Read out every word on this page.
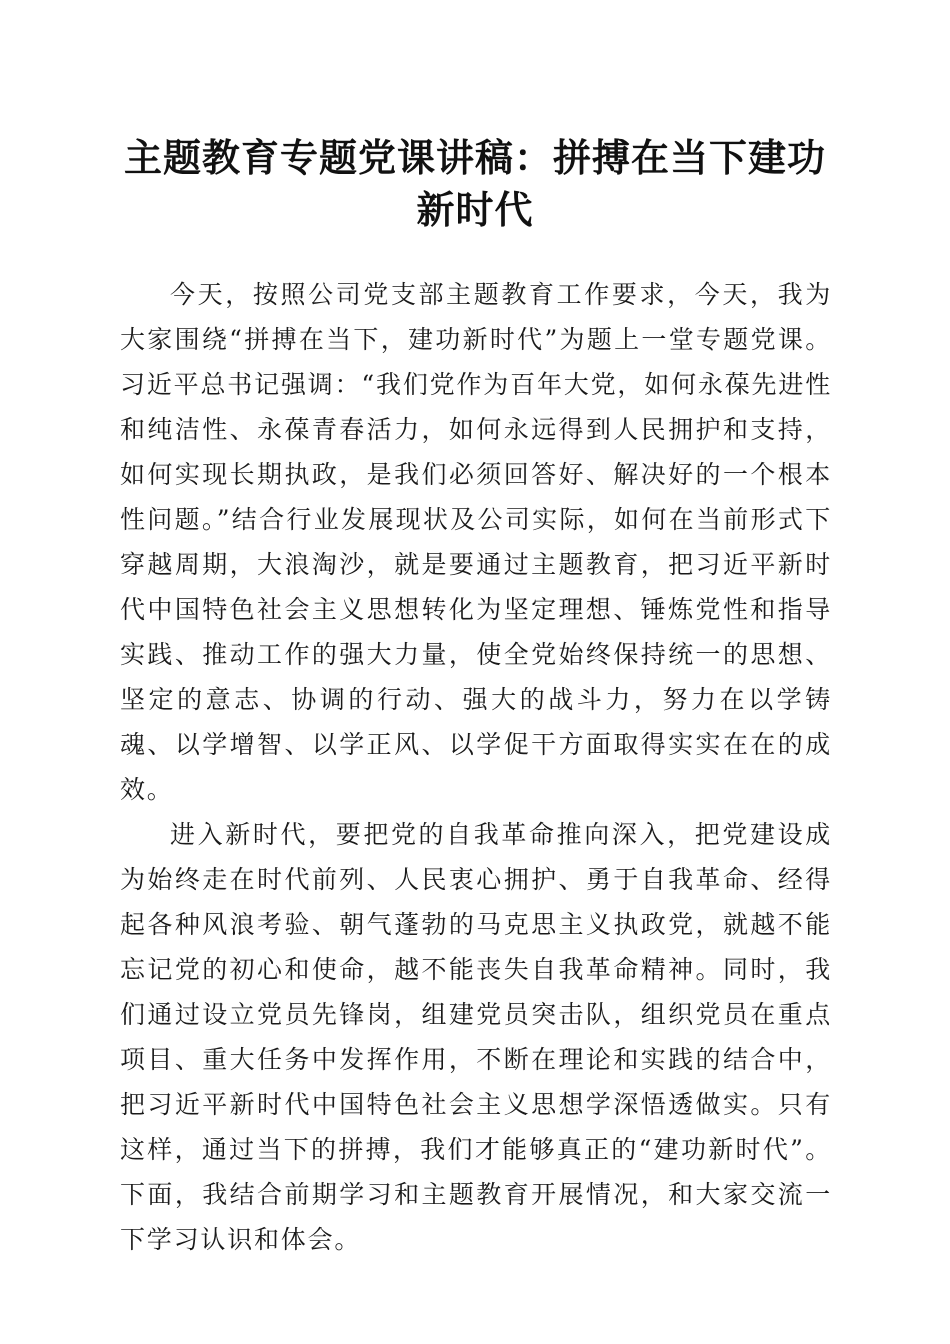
主题教育专题党课讲稿：拼搏在当下建功新时代

今天，按照公司党支部主题教育工作要求，今天，我为大家围绕“拼搏在当下，建功新时代”为题上一堂专题党课。习近平总书记强调：“我们党作为百年大党，如何永葆先进性和纯洁性、永葆青春活力，如何永远得到人民拥护和支持，如何实现长期执政，是我们必须回答好、解决好的一个根本性问题。”结合行业发展现状及公司实际，如何在当前形式下穿越周期，大浪淘沙，就是要通过主题教育，把习近平新时代中国特色社会主义思想转化为坚定理想、锤炼党性和指导实践、推动工作的强大力量，使全党始终保持统一的思想、坚定的意志、协调的行动、强大的战斗力，努力在以学铸魂、以学增智、以学正风、以学促干方面取得实实在在的成效。

进入新时代，要把党的自我革命推向深入，把党建设成为始终走在时代前列、人民衷心拥护、勇于自我革命、经得起各种风浪考验、朝气蓬勃的马克思主义执政党，就越不能忘记党的初心和使命，越不能丧失自我革命精神。同时，我们通过设立党员先锋岗，组建党员突击队，组织党员在重点项目、重大任务中发挥作用，不断在理论和实践的结合中，把习近平新时代中国特色社会主义思想学深悟透做实。只有这样，通过当下的拼搏，我们才能够真正的“建功新时代”。下面，我结合前期学习和主题教育开展情况，和大家交流一下学习认识和体会。
